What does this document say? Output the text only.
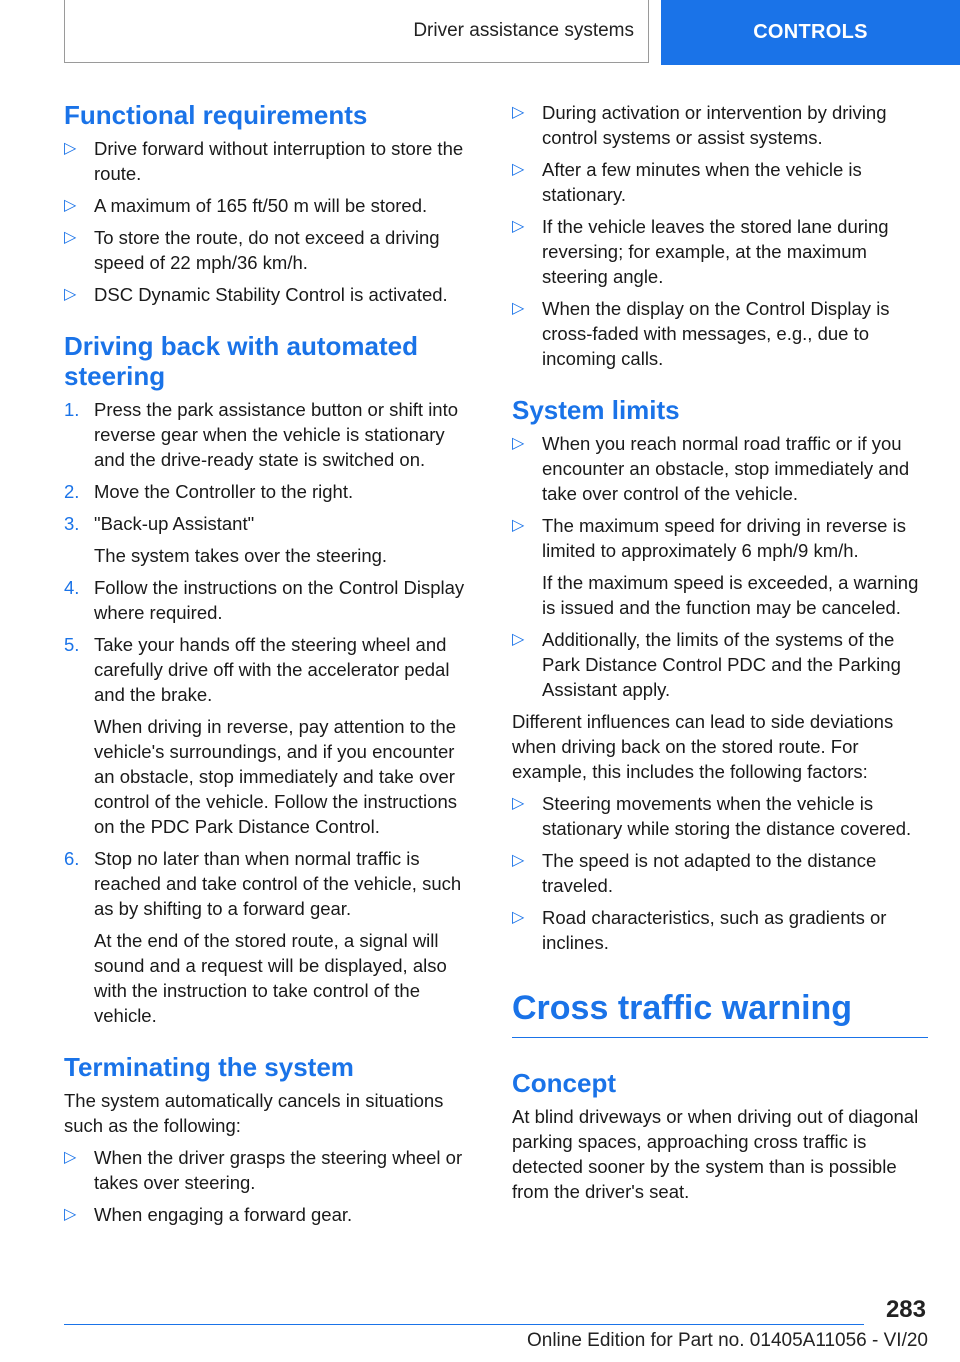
Driver assistance systems	CONTROLS
Functional requirements
▷ Drive forward without interruption to store the route.
▷ A maximum of 165 ft/50 m will be stored.
▷ To store the route, do not exceed a driving speed of 22 mph/36 km/h.
▷ DSC Dynamic Stability Control is activated.
Driving back with automated steering
1. Press the park assistance button or shift into reverse gear when the vehicle is stationary and the drive-ready state is switched on.
2. Move the Controller to the right.
3. "Back-up Assistant"
The system takes over the steering.
4. Follow the instructions on the Control Display where required.
5. Take your hands off the steering wheel and carefully drive off with the accelerator pedal and the brake.
When driving in reverse, pay attention to the vehicle's surroundings, and if you encounter an obstacle, stop immediately and take over control of the vehicle. Follow the instructions on the PDC Park Distance Control.
6. Stop no later than when normal traffic is reached and take control of the vehicle, such as by shifting to a forward gear.
At the end of the stored route, a signal will sound and a request will be displayed, also with the instruction to take control of the vehicle.
Terminating the system

The system automatically cancels in situations such as the following:

▷ When the driver grasps the steering wheel or takes over steering.
▷ When engaging a forward gear.
▷ During activation or intervention by driving control systems or assist systems.
▷ After a few minutes when the vehicle is stationary.
▷ If the vehicle leaves the stored lane during reversing; for example, at the maximum steering angle.
▷ When the display on the Control Display is cross-faded with messages, e.g., due to incoming calls.
System limits
▷ When you reach normal road traffic or if you encounter an obstacle, stop immediately and take over control of the vehicle.
▷ The maximum speed for driving in reverse is limited to approximately 6 mph/9 km/h.
If the maximum speed is exceeded, a warning is issued and the function may be canceled.
▷ Additionally, the limits of the systems of the Park Distance Control PDC and the Parking Assistant apply.

Different influences can lead to side deviations when driving back on the stored route. For example, this includes the following factors:

▷ Steering movements when the vehicle is stationary while storing the distance covered.
▷ The speed is not adapted to the distance traveled.
▷ Road characteristics, such as gradients or inclines.
Cross traffic warning
Concept

At blind driveways or when driving out of diagonal parking spaces, approaching cross traffic is detected sooner by the system than is possible from the driver's seat.

283
Online Edition for Part no. 01405A11056 - VI/20
